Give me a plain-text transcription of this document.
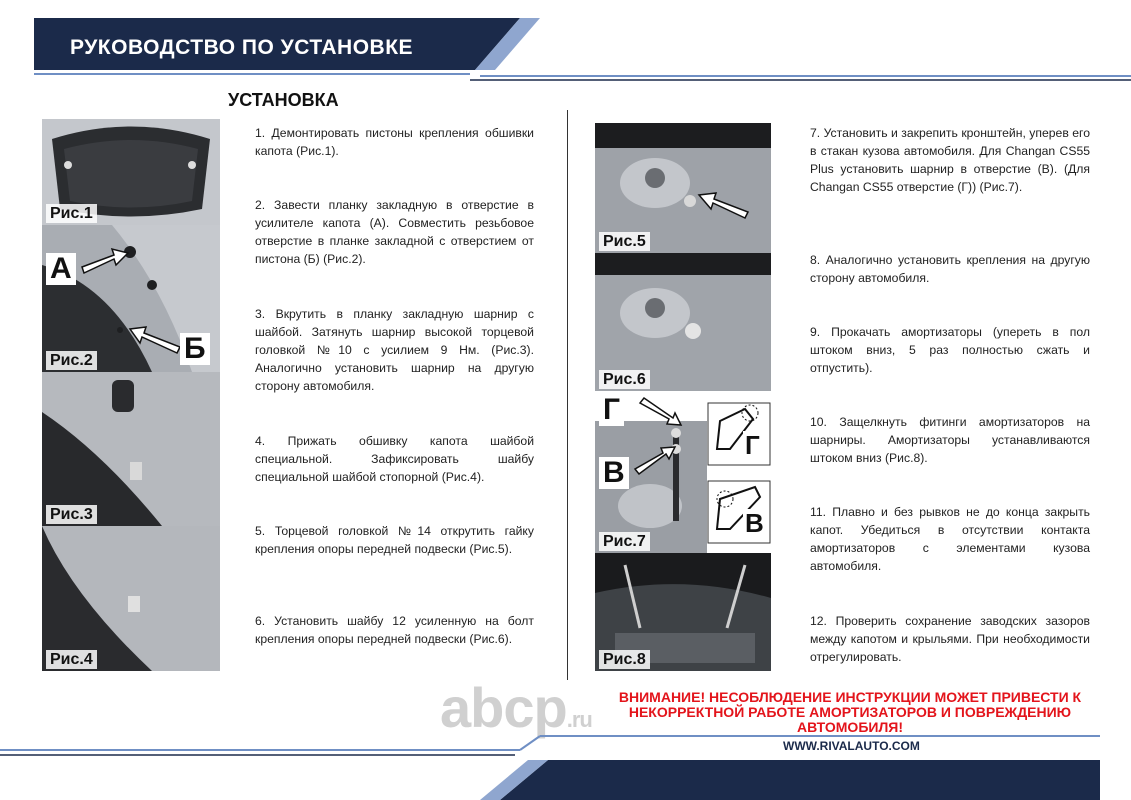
РУКОВОДСТВО ПО УСТАНОВКЕ
УСТАНОВКА
Рис.1
А
Б
Рис.2
Рис.3
Рис.4
1. Демонтировать пистоны крепления обшивки капота (Рис.1).
2. Завести планку закладную в отверстие в усилителе капота (А). Совместить резьбовое отверстие в планке закладной с отверстием от пистона (Б) (Рис.2).
3. Вкрутить в планку закладную шарнир с шайбой. Затянуть шарнир высокой торцевой головкой №10 с усилием 9 Нм. (Рис.3). Аналогично установить шарнир на другую сторону автомобиля.
4. Прижать обшивку капота шайбой специальной. Зафиксировать шайбу специальной шайбой стопорной (Рис.4).
5. Торцевой головкой №14 открутить гайку крепления опоры передней подвески (Рис.5).
6. Установить шайбу 12 усиленную на болт крепления опоры передней подвески (Рис.6).
Рис.5
Рис.6
Г
В
Г
В
Рис.7
Рис.8
7. Установить и закрепить кронштейн, уперев его в стакан кузова автомобиля. Для Changan CS55 Plus установить шарнир в отверстие (В). (Для Changan CS55 отверстие (Г)) (Рис.7).
8. Аналогично установить крепления на другую сторону автомобиля.
9. Прокачать амортизаторы (упереть в пол штоком вниз, 5 раз полностью сжать и отпустить).
10. Защелкнуть фитинги амортизаторов на шарниры. Амортизаторы устанавливаются штоком вниз (Рис.8).
11. Плавно и без рывков не до конца закрыть капот. Убедиться в отсутствии контакта амортизаторов с элементами кузова автомобиля.
12. Проверить сохранение заводских зазоров между капотом и крыльями. При необходимости отрегулировать.
abcp.ru
ВНИМАНИЕ! НЕСОБЛЮДЕНИЕ ИНСТРУКЦИИ МОЖЕТ ПРИВЕСТИ К НЕКОРРЕКТНОЙ РАБОТЕ АМОРТИЗАТОРОВ И ПОВРЕЖДЕНИЮ АВТОМОБИЛЯ!
WWW.RIVALAUTO.COM
